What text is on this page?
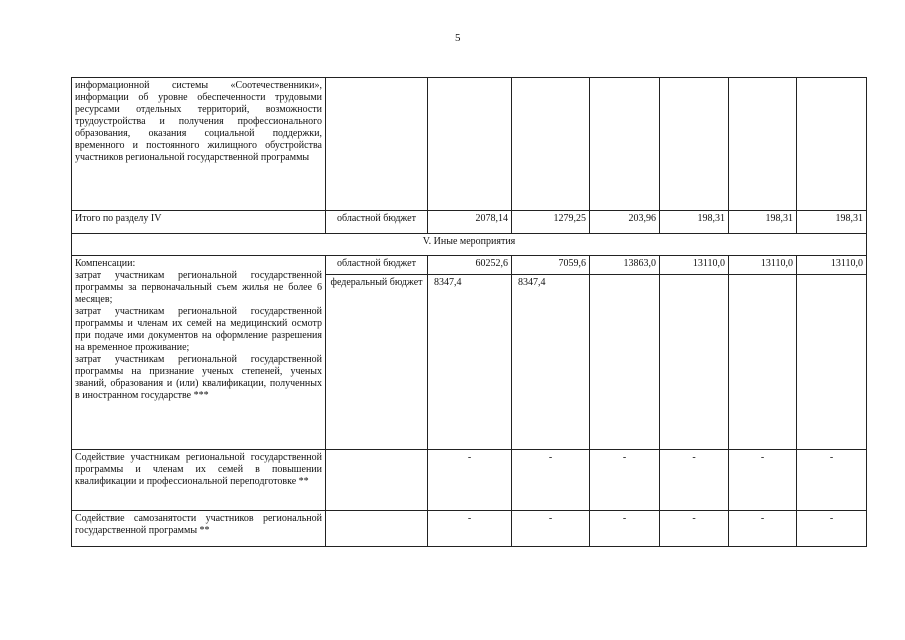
5
информационной системы «Соотечественники», информации об уровне обеспеченности трудовыми ресурсами отдельных территорий, возможности трудоустройства и получения профессионального образования, оказания социальной поддержки, временного и постоянного жилищного обустройства участников региональной государственной программы							
Итого по разделу IV	областной бюджет	2078,14	1279,25	203,96	198,31	198,31	198,31
V. Иные мероприятия							

Компенсации:

затрат участникам региональной государственной программы за первоначальный съем жилья не более 6 месяцев;

затрат участникам региональной государственной программы и членам их семей на медицинский осмотр при подаче ими документов на оформление разрешения на временное проживание;

затрат участникам региональной государственной программы на признание ученых степеней, ученых званий, образования и (или) квалификации, полученных в иностранном государстве ***	областной бюджет	60252,6	7059,6	13863,0	13110,0	13110,0	13110,0
	федеральный бюджет	8347,4	8347,4				
Содействие участникам региональной государственной программы и членам их семей в повышении квалификации и профессиональной переподготовке **		-	-	-	-	-	-
Содействие самозанятости участников региональной государственной программы **		-	-	-	-	-	-
